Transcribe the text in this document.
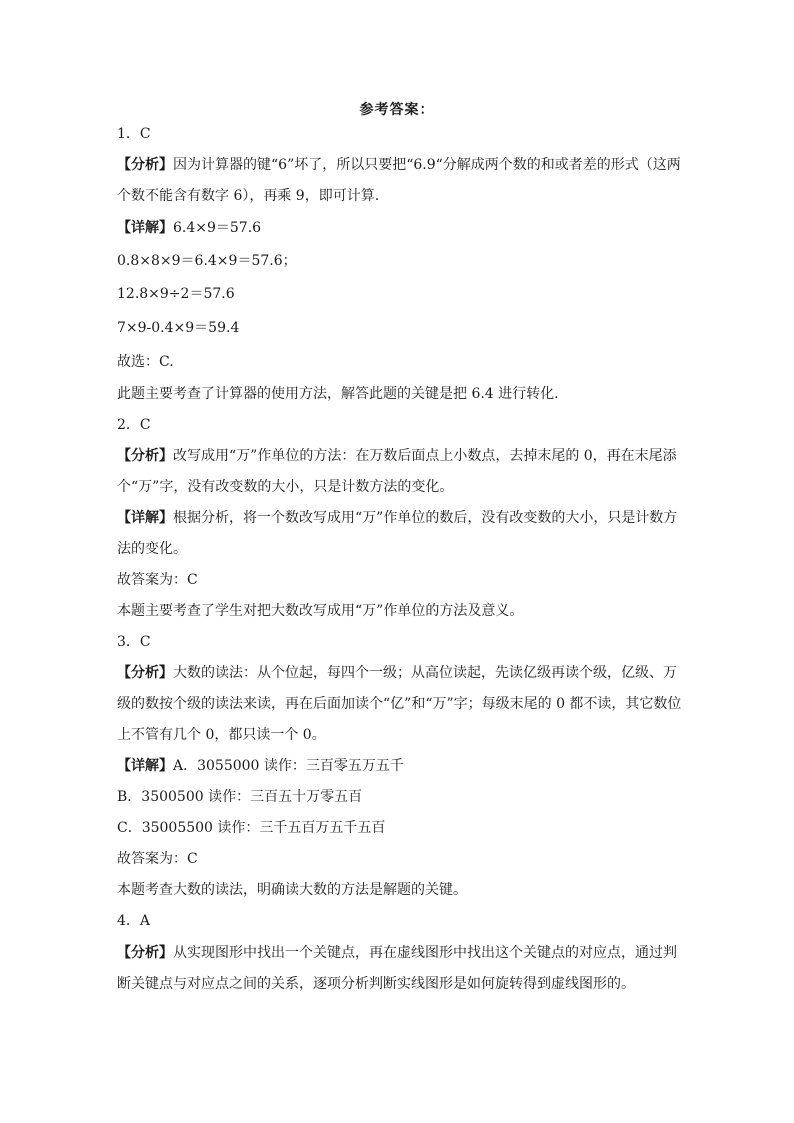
参考答案：
1．C
【分析】因为计算器的键“6”坏了，所以只要把“6.9“分解成两个数的和或者差的形式（这两
个数不能含有数字 6），再乘 9，即可计算.
【详解】6.4×9＝57.6
0.8×8×9＝6.4×9＝57.6；
12.8×9÷2＝57.6
7×9-0.4×9＝59.4
故选：C.
此题主要考查了计算器的使用方法，解答此题的关键是把 6.4 进行转化.
2．C
【分析】改写成用“万”作单位的方法：在万数后面点上小数点，去掉末尾的 0，再在末尾添
个“万”字，没有改变数的大小，只是计数方法的变化。
【详解】根据分析，将一个数改写成用“万”作单位的数后，没有改变数的大小，只是计数方
法的变化。
故答案为：C
本题主要考查了学生对把大数改写成用“万”作单位的方法及意义。
3．C
【分析】大数的读法：从个位起，每四个一级；从高位读起，先读亿级再读个级，亿级、万
级的数按个级的读法来读，再在后面加读个“亿”和“万”字；每级末尾的 0 都不读，其它数位
上不管有几个 0，都只读一个 0。
【详解】A．3055000 读作：三百零五万五千
B．3500500 读作：三百五十万零五百
C．35005500 读作：三千五百万五千五百
故答案为：C
本题考查大数的读法，明确读大数的方法是解题的关键。
4．A
【分析】从实现图形中找出一个关键点，再在虚线图形中找出这个关键点的对应点，通过判
断关键点与对应点之间的关系，逐项分析判断实线图形是如何旋转得到虚线图形的。
